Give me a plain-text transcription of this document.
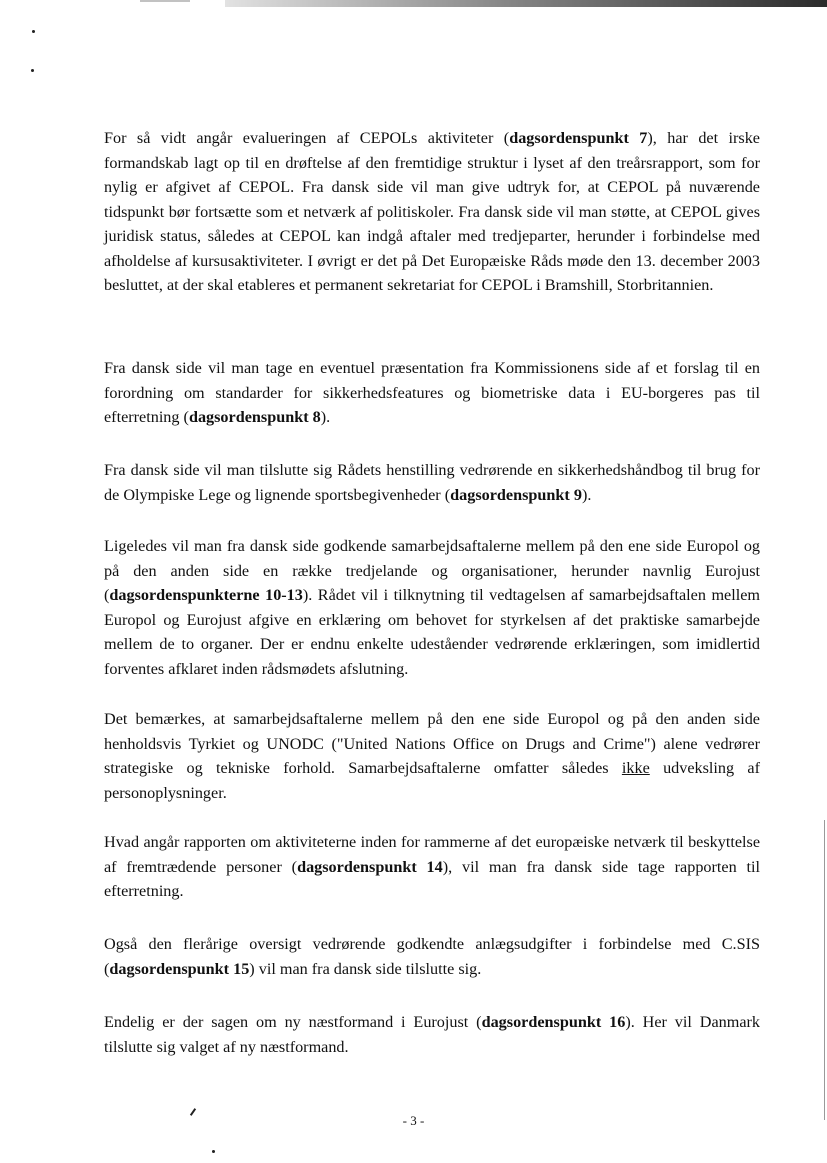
For så vidt angår evalueringen af CEPOLs aktiviteter (dagsordenspunkt 7), har det irske formandskab lagt op til en drøftelse af den fremtidige struktur i lyset af den treårsrapport, som for nylig er afgivet af CEPOL. Fra dansk side vil man give udtryk for, at CEPOL på nuværende tidspunkt bør fortsætte som et netværk af politiskoler. Fra dansk side vil man støtte, at CEPOL gives juridisk status, således at CEPOL kan indgå aftaler med tredjeparter, herunder i forbindelse med afholdelse af kursusaktiviteter. I øvrigt er det på Det Europæiske Råds møde den 13. december 2003 besluttet, at der skal etableres et permanent sekretariat for CEPOL i Bramshill, Storbritannien.
Fra dansk side vil man tage en eventuel præsentation fra Kommissionens side af et forslag til en forordning om standarder for sikkerhedsfeatures og biometriske data i EU-borgeres pas til efterretning (dagsordenspunkt 8).
Fra dansk side vil man tilslutte sig Rådets henstilling vedrørende en sikkerhedshåndbog til brug for de Olympiske Lege og lignende sportsbegivenheder (dagsordenspunkt 9).
Ligeledes vil man fra dansk side godkende samarbejdsaftalerne mellem på den ene side Europol og på den anden side en række tredjelande og organisationer, herunder navnlig Eurojust (dagsordenspunkterne 10-13). Rådet vil i tilknytning til vedtagelsen af samarbejdsaftalen mellem Europol og Eurojust afgive en erklæring om behovet for styrkelsen af det praktiske samarbejde mellem de to organer. Der er endnu enkelte udeståender vedrørende erklæringen, som imidlertid forventes afklaret inden rådsmødets afslutning.
Det bemærkes, at samarbejdsaftalerne mellem på den ene side Europol og på den anden side henholdsvis Tyrkiet og UNODC ("United Nations Office on Drugs and Crime") alene vedrører strategiske og tekniske forhold. Samarbejdsaftalerne omfatter således ikke udveksling af personoplysninger.
Hvad angår rapporten om aktiviteterne inden for rammerne af det europæiske netværk til beskyttelse af fremtrædende personer (dagsordenspunkt 14), vil man fra dansk side tage rapporten til efterretning.
Også den flerårige oversigt vedrørende godkendte anlægsudgifter i forbindelse med C.SIS (dagsordenspunkt 15) vil man fra dansk side tilslutte sig.
Endelig er der sagen om ny næstformand i Eurojust (dagsordenspunkt 16). Her vil Danmark tilslutte sig valget af ny næstformand.
- 3 -
